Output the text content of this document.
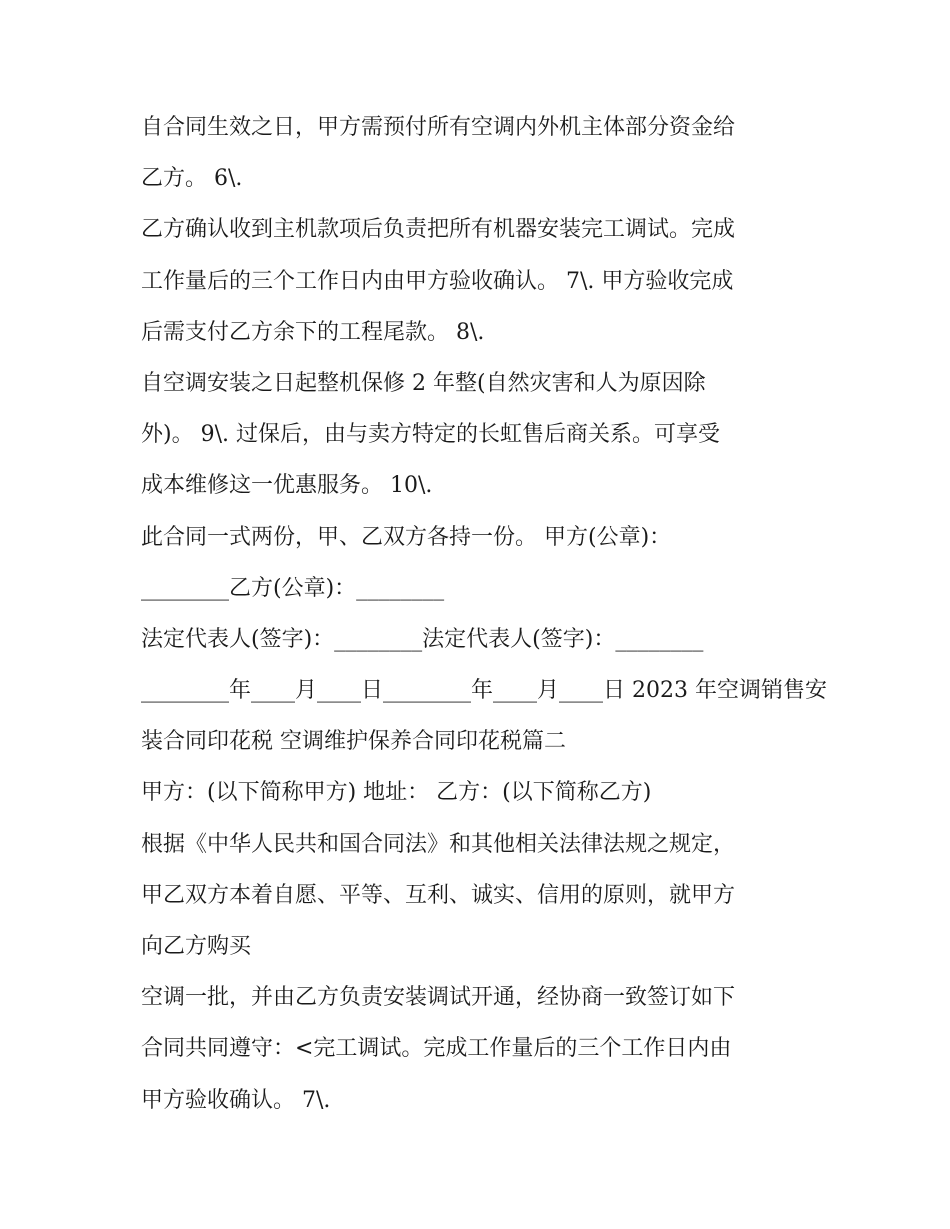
自合同生效之日，甲方需预付所有空调内外机主体部分资金给
乙方。 6\.
乙方确认收到主机款项后负责把所有机器安装完工调试。完成
工作量后的三个工作日内由甲方验收确认。 7\. 甲方验收完成
后需支付乙方余下的工程尾款。 8\.
自空调安装之日起整机保修 2 年整(自然灾害和人为原因除
外)。 9\. 过保后，由与卖方特定的长虹售后商关系。可享受
成本维修这一优惠服务。 10\.
此合同一式两份，甲、乙双方各持一份。 甲方(公章)：
________乙方(公章)：________
法定代表人(签字)：________法定代表人(签字)：________
________年____月____日________年____月____日 2023 年空调销售安
装合同印花税 空调维护保养合同印花税篇二
甲方：(以下简称甲方) 地址： 乙方：(以下简称乙方)
根据《中华人民共和国合同法》和其他相关法律法规之规定，
甲乙双方本着自愿、平等、互利、诚实、信用的原则，就甲方
向乙方购买
空调一批，并由乙方负责安装调试开通，经协商一致签订如下
合同共同遵守：<完工调试。完成工作量后的三个工作日内由
甲方验收确认。 7\.
